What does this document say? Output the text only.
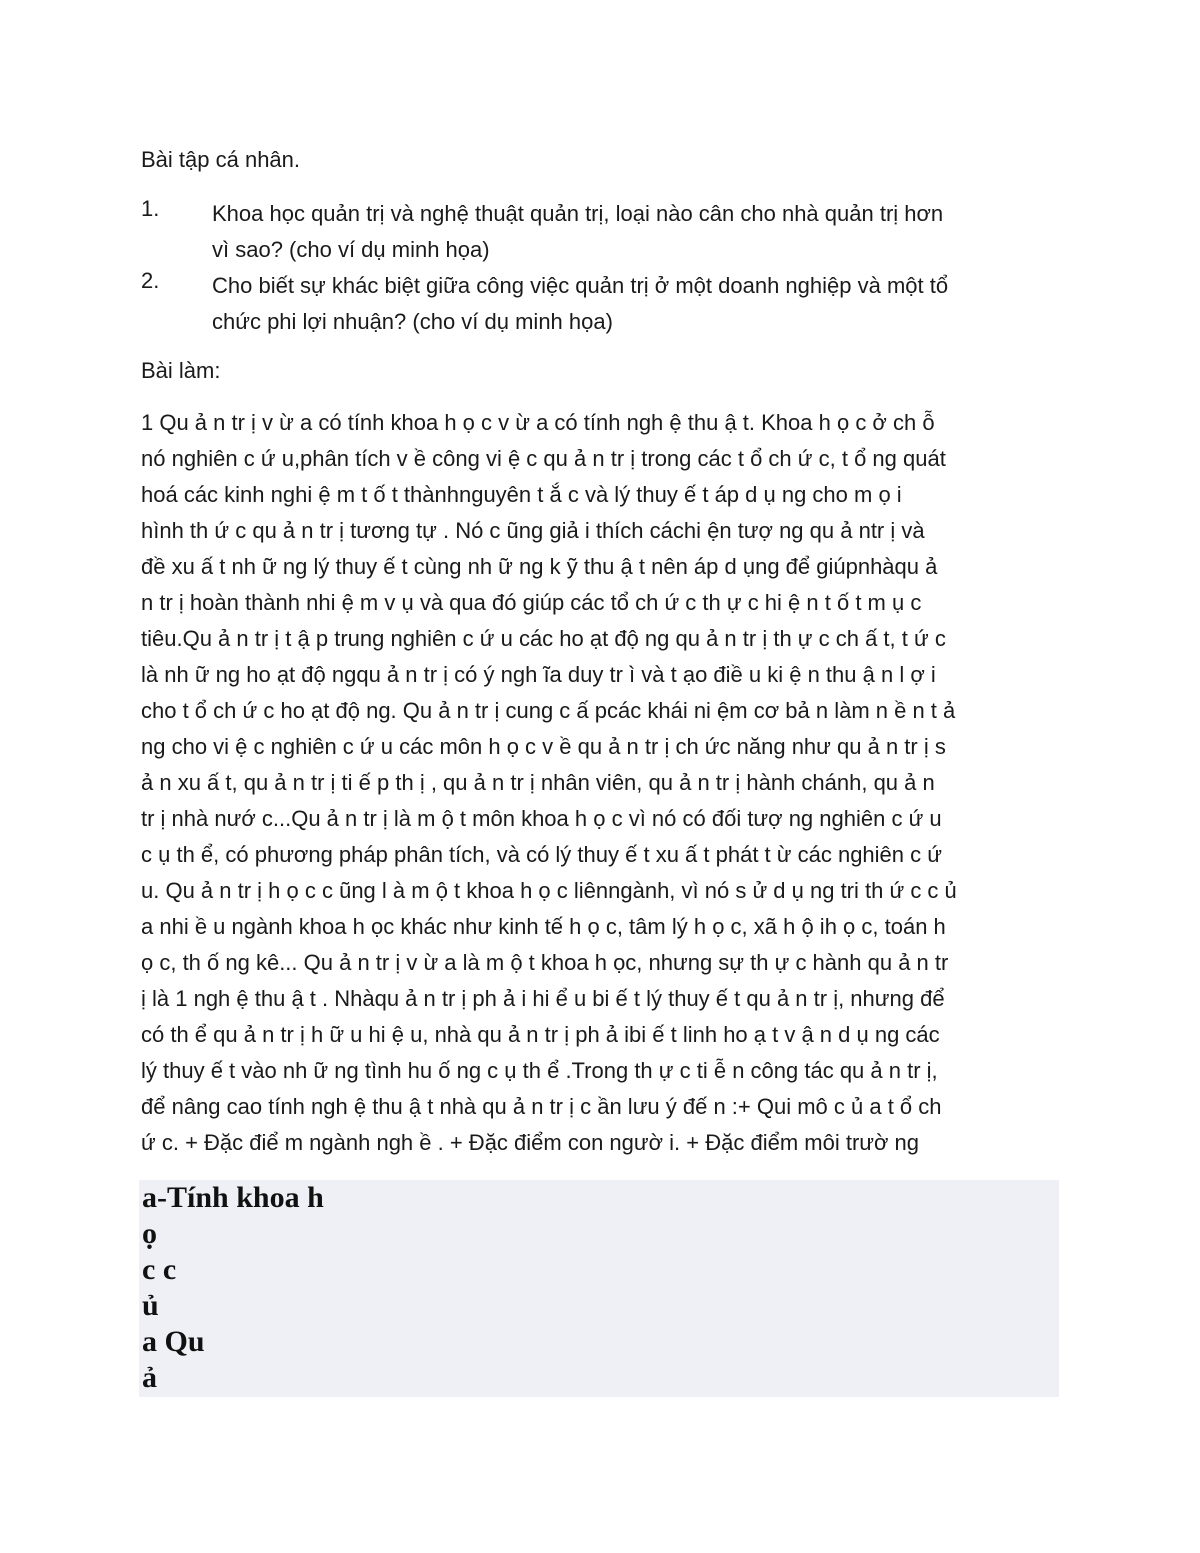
Bài tập cá nhân.
1.	Khoa học quản trị và nghệ thuật quản trị, loại nào cân cho nhà quản trị hơn
vì sao? (cho ví dụ minh họa)
2.	Cho biết sự khác biệt giữa công việc quản trị ở một doanh nghiệp và một tổ
chức phi lợi nhuận? (cho ví dụ minh họa)
Bài làm:
1 Qu ả n tr ị v ừ a có tính khoa h ọ c v ừ a có tính ngh ệ thu ậ t. Khoa h ọ c ở ch ỗ
nó nghiên c ứ u,phân tích v ề công vi ệ c qu ả n tr ị trong các t ổ ch ứ c, t ổ ng quát
hoá các kinh nghi ệ m t ố t thànhnguyên t ắ c và lý thuy ế t áp d ụ ng cho m ọ i
hình th ứ c qu ả n tr ị tương tự . Nó c ũng giả i thích cáchi ện tượ ng qu ả ntr ị và
đề xu ấ t nh ữ ng lý thuy ế t cùng nh ữ ng k ỹ thu ậ t nên áp d ụng để giúpnhàqu ả
n tr ị hoàn thành nhi ệ m v ụ và qua đó giúp các tổ ch ứ c th ự c hi ệ n t ố t m ụ c
tiêu.Qu ả n tr ị t ậ p trung nghiên c ứ u các ho ạt độ ng qu ả n tr ị th ự c ch ấ t, t ứ c
là nh ữ ng ho ạt độ ngqu ả n tr ị có ý ngh ĩa duy tr ì và t ạo điề u ki ệ n thu ậ n l ợ i
cho t ổ ch ứ c ho ạt độ ng. Qu ả n tr ị cung c ấ pcác khái ni ệm cơ bả n làm n ề n t ả
ng cho vi ệ c nghiên c ứ u các môn h ọ c v ề qu ả n tr ị ch ức năng như qu ả n tr ị s
ả n xu ấ t, qu ả n tr ị ti ế p th ị , qu ả n tr ị nhân viên, qu ả n tr ị hành chánh, qu ả n
tr ị nhà nướ c...Qu ả n tr ị là m ộ t môn khoa h ọ c vì nó có đối tượ ng nghiên c ứ u
c ụ th ể, có phương pháp phân tích, và có lý thuy ế t xu ấ t phát t ừ các nghiên c ứ
u. Qu ả n tr ị h ọ c c ũng l à m ộ t khoa h ọ c liênngành, vì nó s ử d ụ ng tri th ứ c c ủ
a nhi ề u ngành khoa h ọc khác như kinh tế h ọ c, tâm lý h ọ c, xã h ộ ih ọ c, toán h
ọ c, th ố ng kê... Qu ả n tr ị v ừ a là m ộ t khoa h ọc, nhưng sự th ự c hành qu ả n tr
ị là 1 ngh ệ thu ậ t . Nhàqu ả n tr ị ph ả i hi ể u bi ế t lý thuy ế t qu ả n tr ị, nhưng để
có th ể qu ả n tr ị h ữ u hi ệ u, nhà qu ả n tr ị ph ả ibi ế t linh ho ạ t v ậ n d ụ ng các
lý thuy ế t vào nh ữ ng tình hu ố ng c ụ th ể .Trong th ự c ti ễ n công tác qu ả n tr ị,
để nâng cao tính ngh ệ thu ậ t nhà qu ả n tr ị c ần lưu ý đế n :+ Qui mô c ủ a t ổ ch
ứ c. + Đặc điể m ngành ngh ề . + Đặc điểm con ngườ i. + Đặc điểm môi trườ ng
a-Tính khoa h
ọ
c c
ủ
a Qu
ả
